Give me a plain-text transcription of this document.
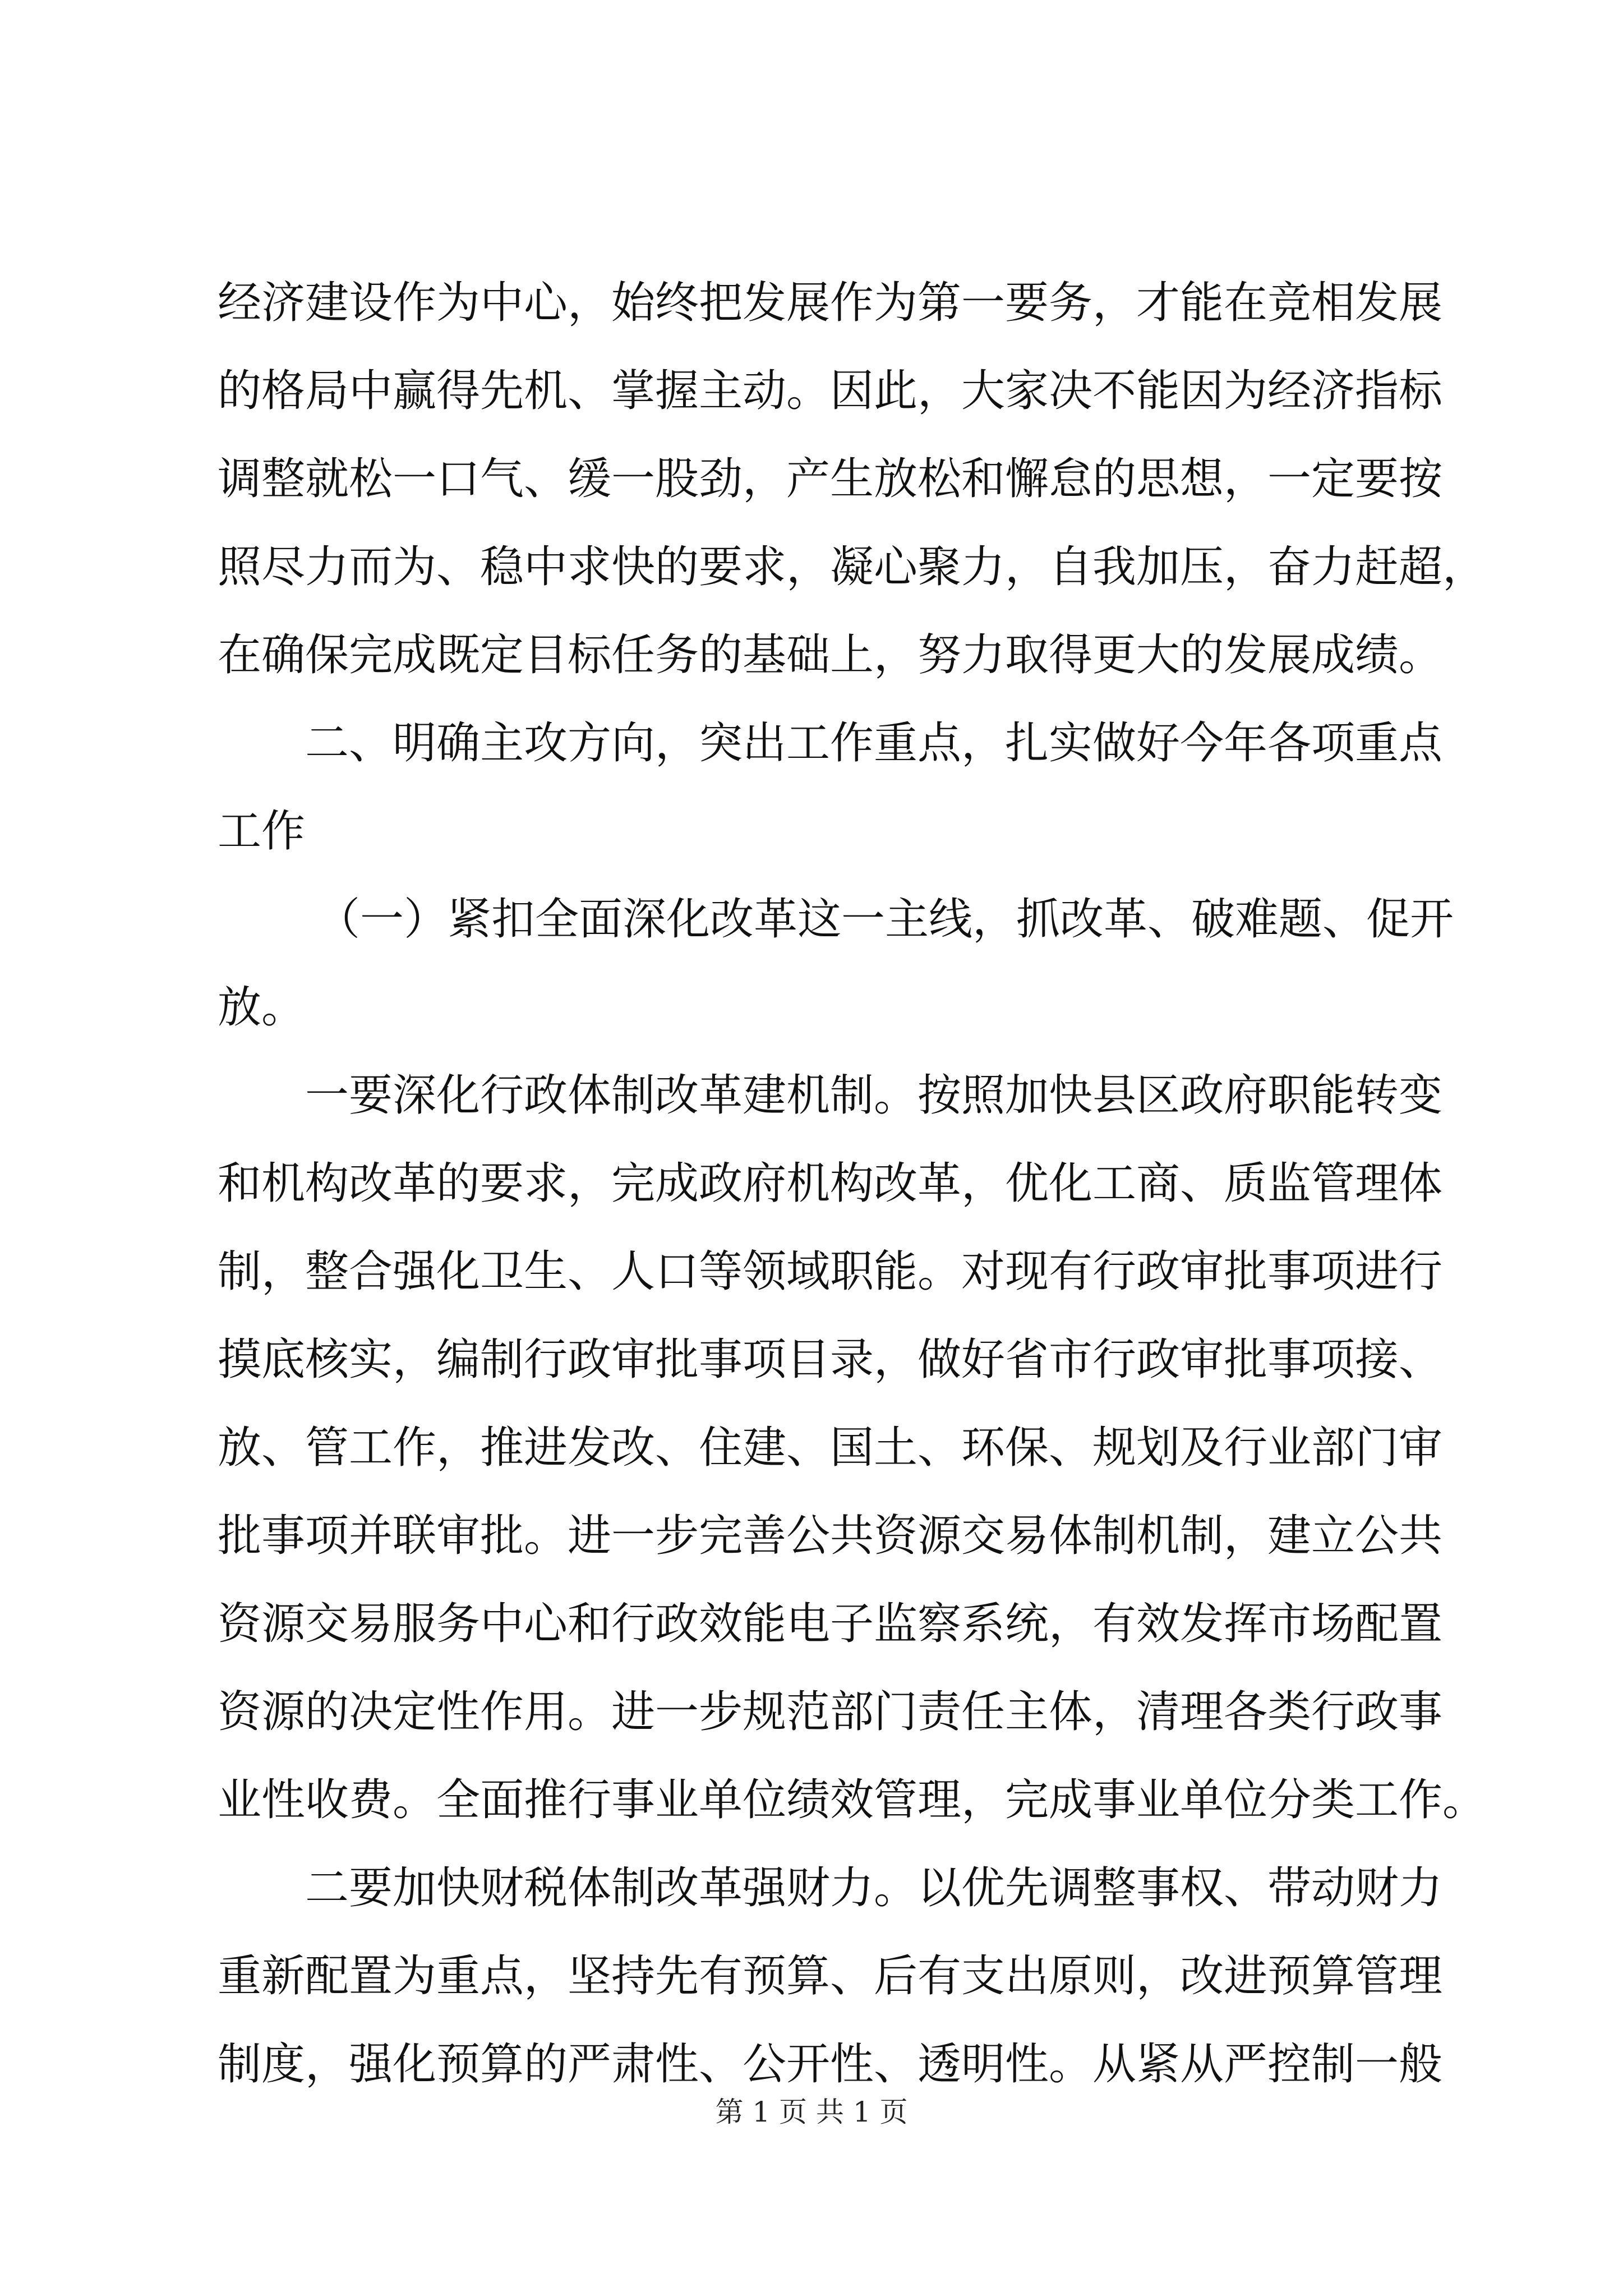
经济建设作为中心，始终把发展作为第一要务，才能在竞相发展
的格局中赢得先机、掌握主动。因此，大家决不能因为经济指标
调整就松一口气、缓一股劲，产生放松和懈怠的思想，一定要按
照尽力而为、稳中求快的要求，凝心聚力，自我加压，奋力赶超，
在确保完成既定目标任务的基础上，努力取得更大的发展成绩。
二、明确主攻方向，突出工作重点，扎实做好今年各项重点
工作
（一）紧扣全面深化改革这一主线，抓改革、破难题、促开
放。
一要深化行政体制改革建机制。按照加快县区政府职能转变
和机构改革的要求，完成政府机构改革，优化工商、质监管理体
制，整合强化卫生、人口等领域职能。对现有行政审批事项进行
摸底核实，编制行政审批事项目录，做好省市行政审批事项接、
放、管工作，推进发改、住建、国土、环保、规划及行业部门审
批事项并联审批。进一步完善公共资源交易体制机制，建立公共
资源交易服务中心和行政效能电子监察系统，有效发挥市场配置
资源的决定性作用。进一步规范部门责任主体，清理各类行政事
业性收费。全面推行事业单位绩效管理，完成事业单位分类工作。
二要加快财税体制改革强财力。以优先调整事权、带动财力
重新配置为重点，坚持先有预算、后有支出原则，改进预算管理
制度，强化预算的严肃性、公开性、透明性。从紧从严控制一般
第 1 页 共 1 页
